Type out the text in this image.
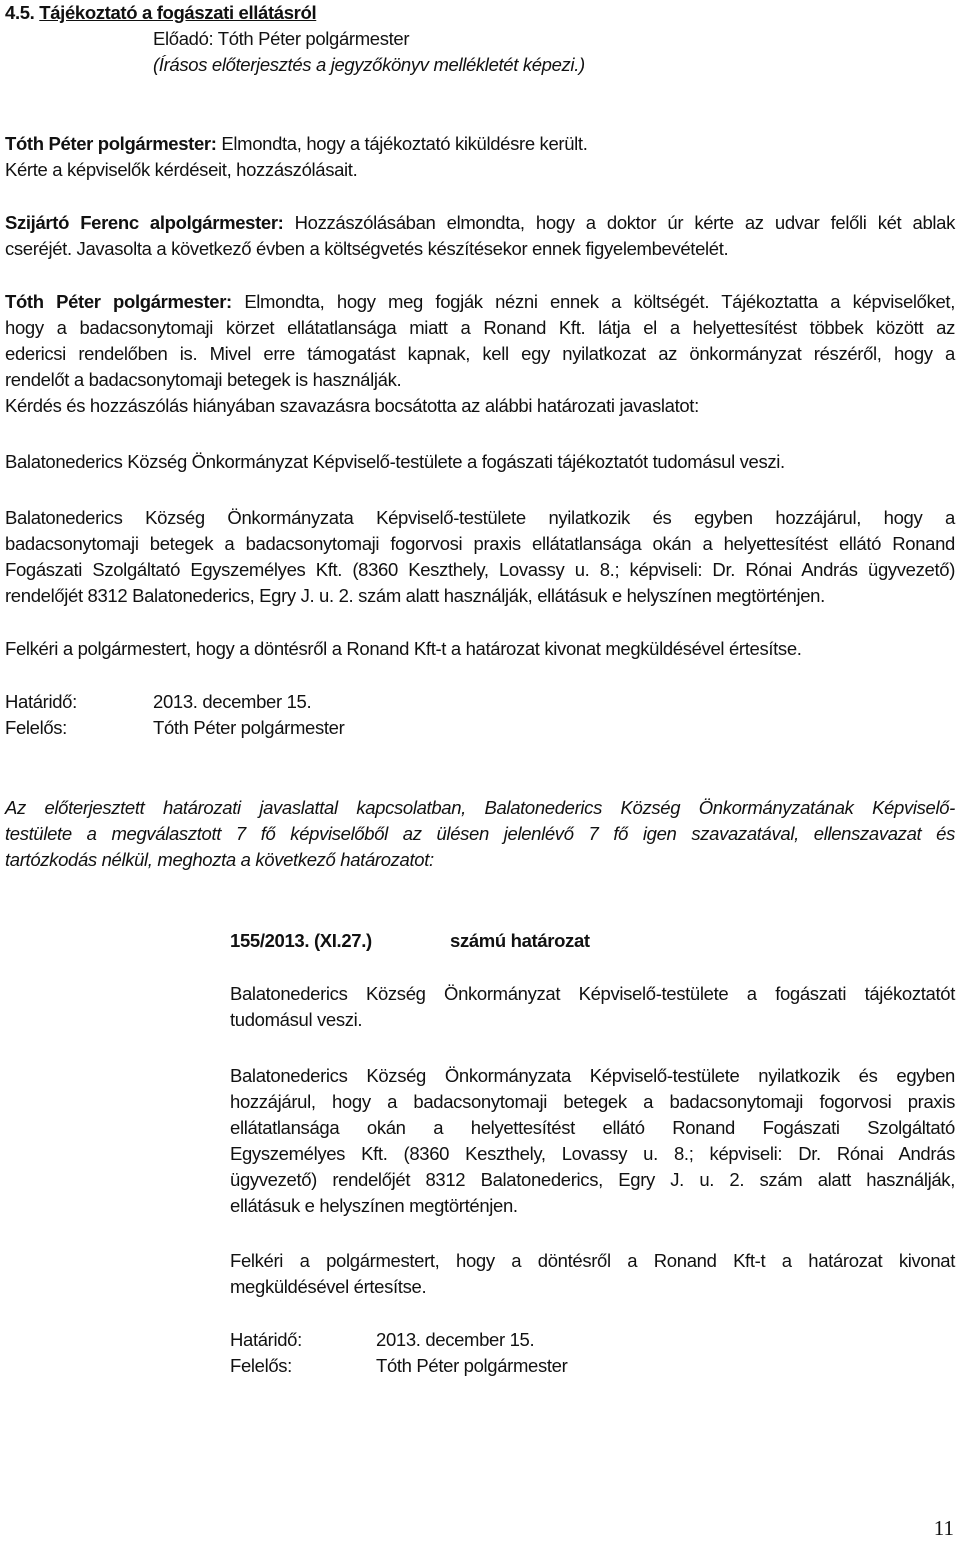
4.5. Tájékoztató a fogászati ellátásról
Előadó: Tóth Péter polgármester
(Írásos előterjesztés a jegyzőkönyv mellékletét képezi.)
Tóth Péter polgármester: Elmondta, hogy a tájékoztató kiküldésre került.
Kérte a képviselők kérdéseit, hozzászólásait.
Szijártó Ferenc alpolgármester: Hozzászólásában elmondta, hogy a doktor úr kérte az udvar felőli két ablak
cseréjét. Javasolta a következő évben a költségvetés készítésekor ennek figyelembevételét.
Tóth Péter polgármester: Elmondta, hogy meg fogják nézni ennek a költségét. Tájékoztatta a képviselőket,
hogy a badacsonytomaji körzet ellátatlansága miatt a Ronand Kft. látja el a helyettesítést többek között az
edericsi rendelőben is. Mivel erre támogatást kapnak, kell egy nyilatkozat az önkormányzat részéről, hogy a
rendelőt a badacsonytomaji betegek is használják.
Kérdés és hozzászólás hiányában szavazásra bocsátotta az alábbi határozati javaslatot:
Balatonederics Község Önkormányzat Képviselő-testülete a fogászati tájékoztatót tudomásul veszi.
Balatonederics Község Önkormányzata Képviselő-testülete nyilatkozik és egyben hozzájárul, hogy a
badacsonytomaji betegek a badacsonytomaji fogorvosi praxis ellátatlansága okán a helyettesítést ellátó Ronand
Fogászati Szolgáltató Egyszemélyes Kft. (8360 Keszthely, Lovassy u. 8.; képviseli: Dr. Rónai András ügyvezető)
rendelőjét 8312 Balatonederics, Egry J. u. 2. szám alatt használják, ellátásuk e helyszínen megtörténjen.
Felkéri a polgármestert, hogy a döntésről a Ronand Kft-t a határozat kivonat megküldésével értesítse.
Határidő:	2013. december 15.
Felelős:	Tóth Péter polgármester
Az előterjesztett határozati javaslattal kapcsolatban, Balatonederics Község Önkormányzatának Képviselő-
testülete a megválasztott 7 fő képviselőből az ülésen jelenlévő 7 fő igen szavazatával, ellenszavazat és
tartózkodás nélkül, meghozta a következő határozatot:
155/2013. (XI.27.)	számú határozat
Balatonederics Község Önkormányzat Képviselő-testülete a fogászati tájékoztatót
tudomásul veszi.
Balatonederics Község Önkormányzata Képviselő-testülete nyilatkozik és egyben
hozzájárul, hogy a badacsonytomaji betegek a badacsonytomaji fogorvosi praxis
ellátatlansága okán a helyettesítést ellátó Ronand Fogászati Szolgáltató
Egyszemélyes Kft. (8360 Keszthely, Lovassy u. 8.; képviseli: Dr. Rónai András
ügyvezető) rendelőjét 8312 Balatonederics, Egry J. u. 2. szám alatt használják,
ellátásuk e helyszínen megtörténjen.
Felkéri a polgármestert, hogy a döntésről a Ronand Kft-t a határozat kivonat
megküldésével értesítse.
Határidő:	2013. december 15.
Felelős:	Tóth Péter polgármester
11
